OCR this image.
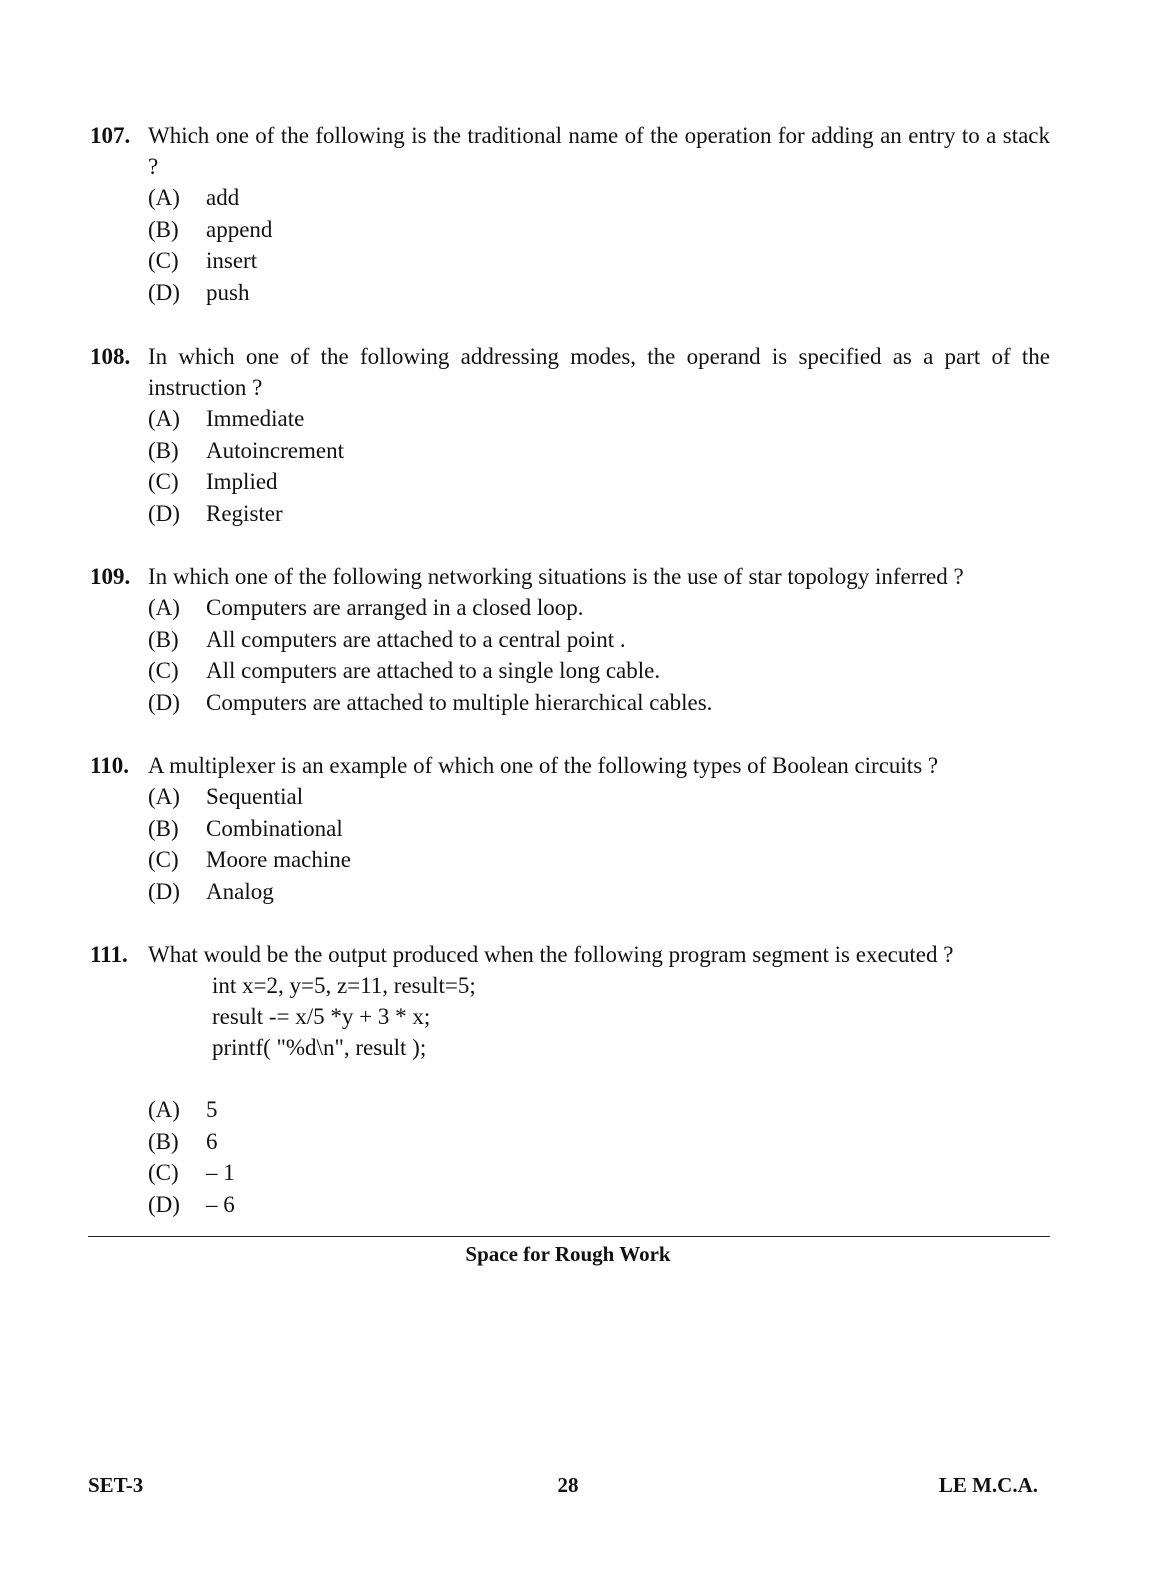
107. Which one of the following is the traditional name of the operation for adding an entry to a stack ?
(A)	add
(B)	append
(C)	insert
(D)	push
108. In which one of the following addressing modes, the operand is specified as a part of the instruction ?
(A)	Immediate
(B)	Autoincrement
(C)	Implied
(D)	Register
109. In which one of the following networking situations is the use of star topology inferred ?
(A)	Computers are arranged in a closed loop.
(B)	All computers are attached to a central point .
(C)	All computers are attached to a single long cable.
(D)	Computers are attached to multiple hierarchical cables.
110. A multiplexer is an example of which one of the following types of Boolean circuits ?
(A)	Sequential
(B)	Combinational
(C)	Moore machine
(D)	Analog
111. What would be the output produced when the following program segment is executed ?
int x=2, y=5, z=11, result=5;
result -= x/5 *y + 3 * x;
printf( "%d\n", result );
(A)	5
(B)	6
(C)	– 1
(D)	– 6
Space for Rough Work
SET-3	28	LE M.C.A.
